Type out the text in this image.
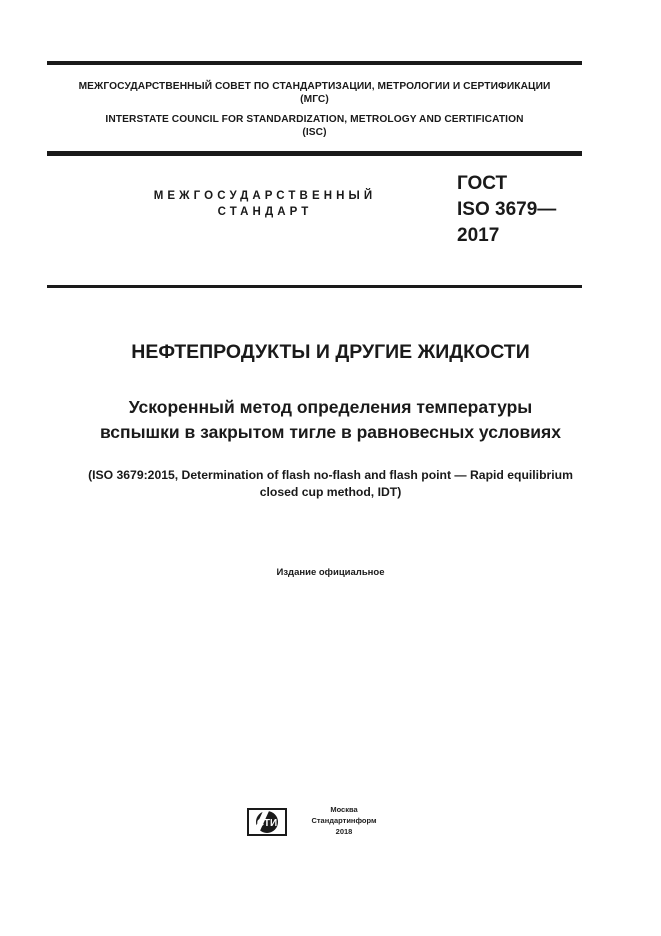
МЕЖГОСУДАРСТВЕННЫЙ СОВЕТ ПО СТАНДАРТИЗАЦИИ, МЕТРОЛОГИИ И СЕРТИФИКАЦИИ
(МГС)
INTERSTATE COUNCIL FOR STANDARDIZATION, METROLOGY AND CERTIFICATION
(ISC)
МЕЖГОСУДАРСТВЕННЫЙ
СТАНДАРТ
ГОСТ
ISO 3679—
2017
НЕФТЕПРОДУКТЫ И ДРУГИЕ ЖИДКОСТИ
Ускоренный метод определения температуры
вспышки в закрытом тигле в равновесных условиях
(ISO 3679:2015, Determination of flash no-flash and flash point — Rapid equilibrium
closed cup method, IDT)
Издание официальное
СТИ
Москва
Стандартинформ
2018
